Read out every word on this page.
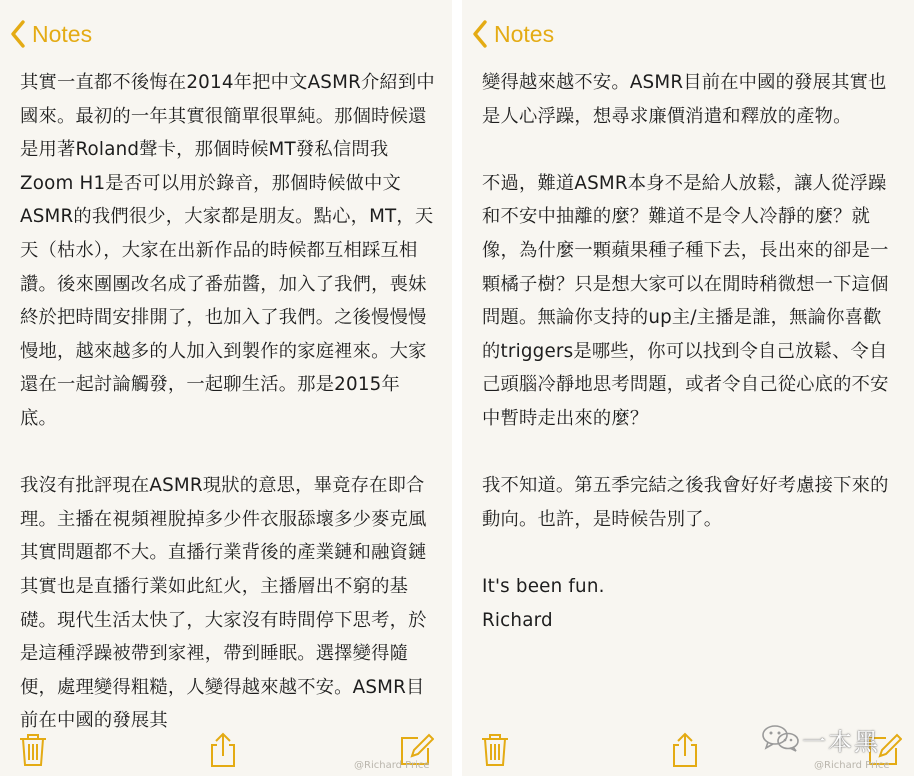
Notes

其實一直都不後悔在2014年把中文ASMR介紹到中國來。最初的一年其實很簡單很單純。那個時候還是用著Roland聲卡，那個時候MT發私信問我Zoom H1是否可以用於錄音，那個時候做中文ASMR的我們很少，大家都是朋友。點心，MT，天天（枯水），大家在出新作品的時候都互相踩互相讚。後來團團改名成了番茄醬，加入了我們，喪妹終於把時間安排開了，也加入了我們。之後慢慢慢慢地，越來越多的人加入到製作的家庭裡來。大家還在一起討論觸發，一起聊生活。那是2015年底。

我沒有批評現在ASMR現狀的意思，畢竟存在即合理。主播在視頻裡脫掉多少件衣服舔壞多少麥克風其實問題都不大。直播行業背後的產業鏈和融資鏈其實也是直播行業如此紅火，主播層出不窮的基礎。現代生活太快了，大家沒有時間停下思考，於是這種浮躁被帶到家裡，帶到睡眠。選擇變得隨便，處理變得粗糙，人變得越來越不安。ASMR目前在中國的發展其

@Richard Price
Notes

變得越來越不安。ASMR目前在中國的發展其實也是人心浮躁，想尋求廉價消遣和釋放的產物。

不過，難道ASMR本身不是給人放鬆，讓人從浮躁和不安中抽離的麼？難道不是令人冷靜的麼？就像，為什麼一顆蘋果種子種下去，長出來的卻是一顆橘子樹？只是想大家可以在閒時稍微想一下這個問題。無論你支持的up主/主播是誰，無論你喜歡的triggers是哪些，你可以找到令自己放鬆、令自己頭腦冷靜地思考問題，或者令自己從心底的不安中暫時走出來的麼？

我不知道。第五季完結之後我會好好考慮接下來的動向。也許，是時候告別了。

It's been fun.
Richard

@Richard Price
一本黑
